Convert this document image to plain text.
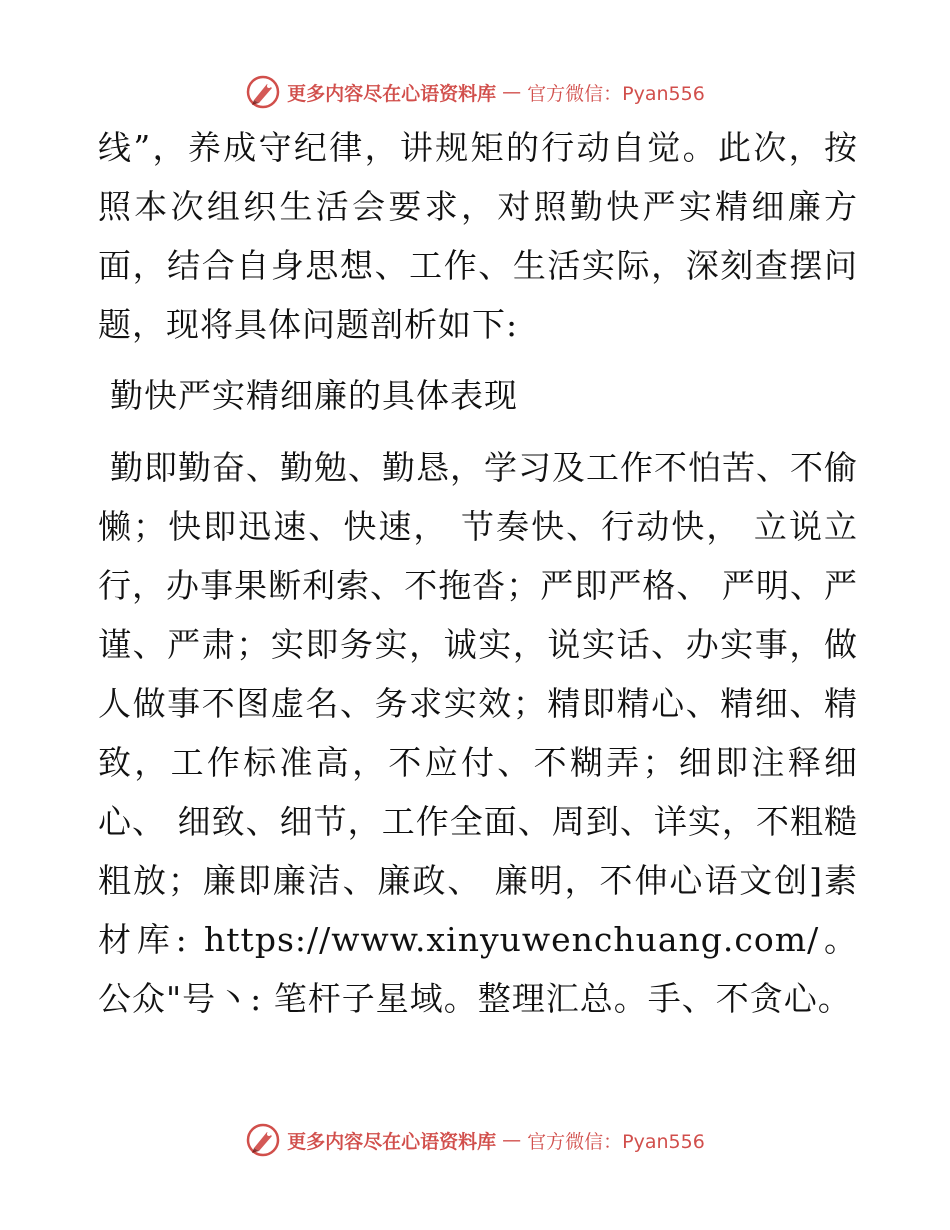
更多内容尽在心语资料库 — 官方微信：Pyan556

线”，养成守纪律，讲规矩的行动自觉。此次，按照本次组织生活会要求，对照勤快严实精细廉方面，结合自身思想、工作、生活实际，深刻查摆问题，现将具体问题剖析如下:

勤快严实精细廉的具体表现

勤即勤奋、勤勉、勤恳，学习及工作不怕苦、不偷懒；快即迅速、快速， 节奏快、行动快， 立说立行，办事果断利索、不拖沓；严即严格、 严明、严谨、严肃；实即务实，诚实，说实话、办实事，做人做事不图虚名、务求实效；精即精心、精细、精致，工作标准高，不应付、不糊弄；细即注释细心、 细致、细节，工作全面、周到、详实，不粗糙粗放；廉即廉洁、廉政、 廉明，不伸心语文创]素材库: https://www.xinyuwenchuang.com/。公众"号丶: 笔杆子星域。整理汇总。手、不贪心。

更多内容尽在心语资料库 — 官方微信：Pyan556
